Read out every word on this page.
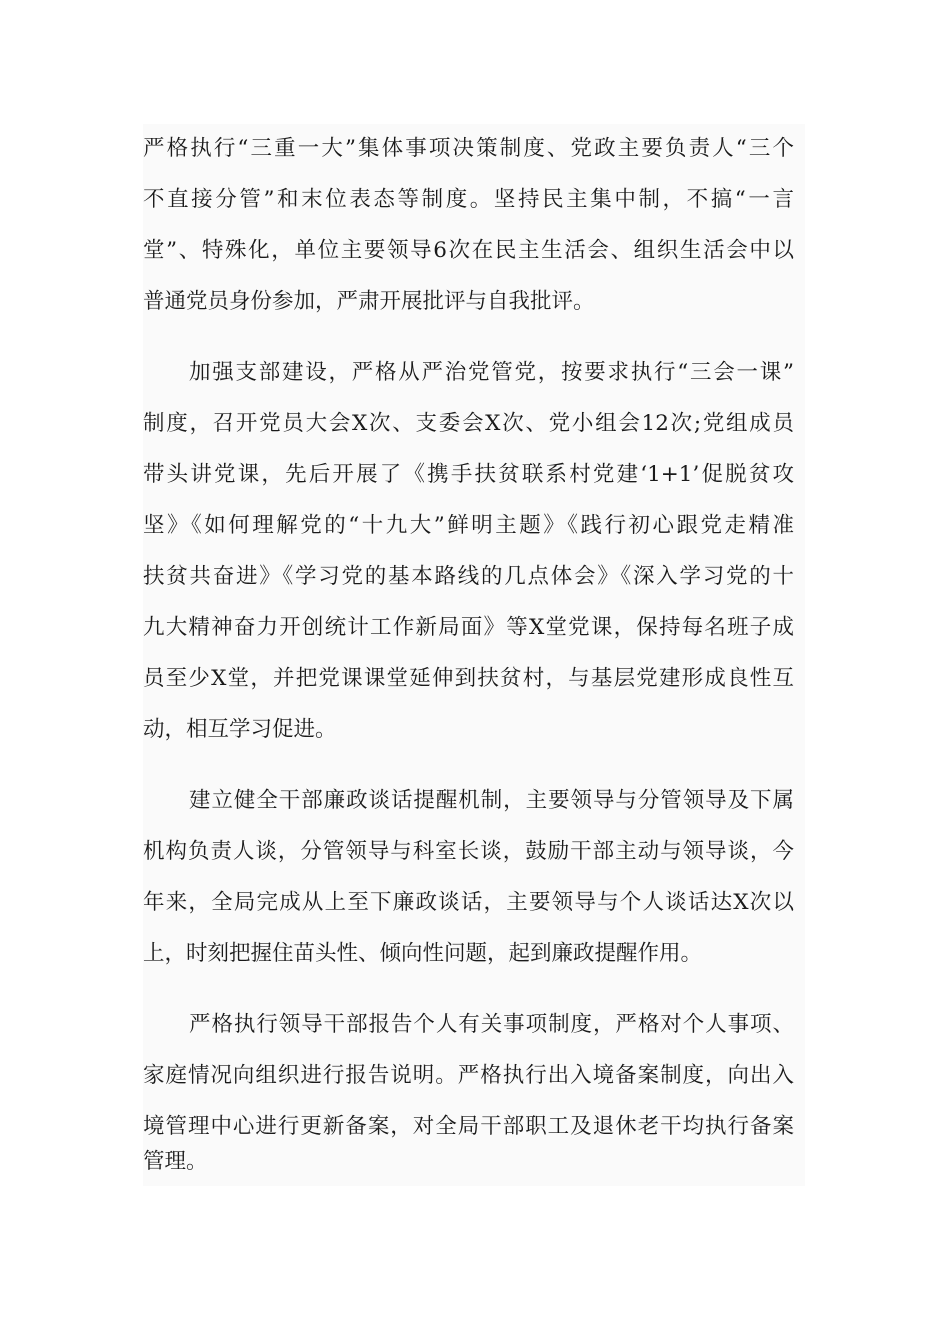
严格执行“三重一大”集体事项决策制度、党政主要负责人“三个
不直接分管”和末位表态等制度。坚持民主集中制，不搞“一言
堂”、特殊化，单位主要领导6次在民主生活会、组织生活会中以
普通党员身份参加，严肃开展批评与自我批评。
加强支部建设，严格从严治党管党，按要求执行“三会一课”
制度，召开党员大会X次、支委会X次、党小组会12次;党组成员
带头讲党课，先后开展了《携手扶贫联系村党建‘1+1’促脱贫攻
坚》《如何理解党的“十九大”鲜明主题》《践行初心跟党走精准
扶贫共奋进》《学习党的基本路线的几点体会》《深入学习党的十
九大精神奋力开创统计工作新局面》等X堂党课，保持每名班子成
员至少X堂，并把党课课堂延伸到扶贫村，与基层党建形成良性互
动，相互学习促进。
建立健全干部廉政谈话提醒机制，主要领导与分管领导及下属
机构负责人谈，分管领导与科室长谈，鼓励干部主动与领导谈，今
年来，全局完成从上至下廉政谈话，主要领导与个人谈话达X次以
上，时刻把握住苗头性、倾向性问题，起到廉政提醒作用。
严格执行领导干部报告个人有关事项制度，严格对个人事项、
家庭情况向组织进行报告说明。严格执行出入境备案制度，向出入
境管理中心进行更新备案，对全局干部职工及退休老干均执行备案
管理。
